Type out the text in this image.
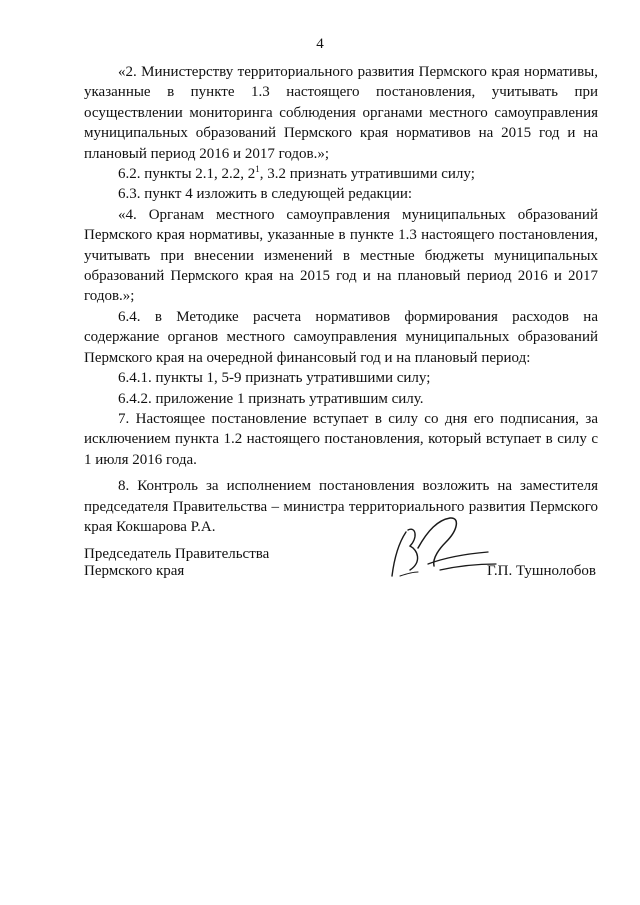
4

«2. Министерству территориального развития Пермского края нормативы, указанные в пункте 1.3 настоящего постановления, учитывать при осуществлении мониторинга соблюдения органами местного самоуправления муниципальных образований Пермского края нормативов на 2015 год и на плановый период 2016 и 2017 годов.»;

6.2. пункты 2.1, 2.2, $2^1$, 3.2 признать утратившими силу;

6.3. пункт 4 изложить в следующей редакции:

«4. Органам местного самоуправления муниципальных образований Пермского края нормативы, указанные в пункте 1.3 настоящего постановления, учитывать при внесении изменений в местные бюджеты муниципальных образований Пермского края на 2015 год и на плановый период 2016 и 2017 годов.»;

6.4. в Методике расчета нормативов формирования расходов на содержание органов местного самоуправления муниципальных образований Пермского края на очередной финансовый год и на плановый период:

6.4.1. пункты 1, 5-9 признать утратившими силу;

6.4.2. приложение 1 признать утратившим силу.

7. Настоящее постановление вступает в силу со дня его подписания, за исключением пункта 1.2 настоящего постановления, который вступает в силу с 1 июля 2016 года.

8. Контроль за исполнением постановления возложить на заместителя председателя Правительства – министра территориального развития Пермского края Кокшарова Р.А.

Председатель Правительства
Пермского края	Г.П. Тушнолобов
